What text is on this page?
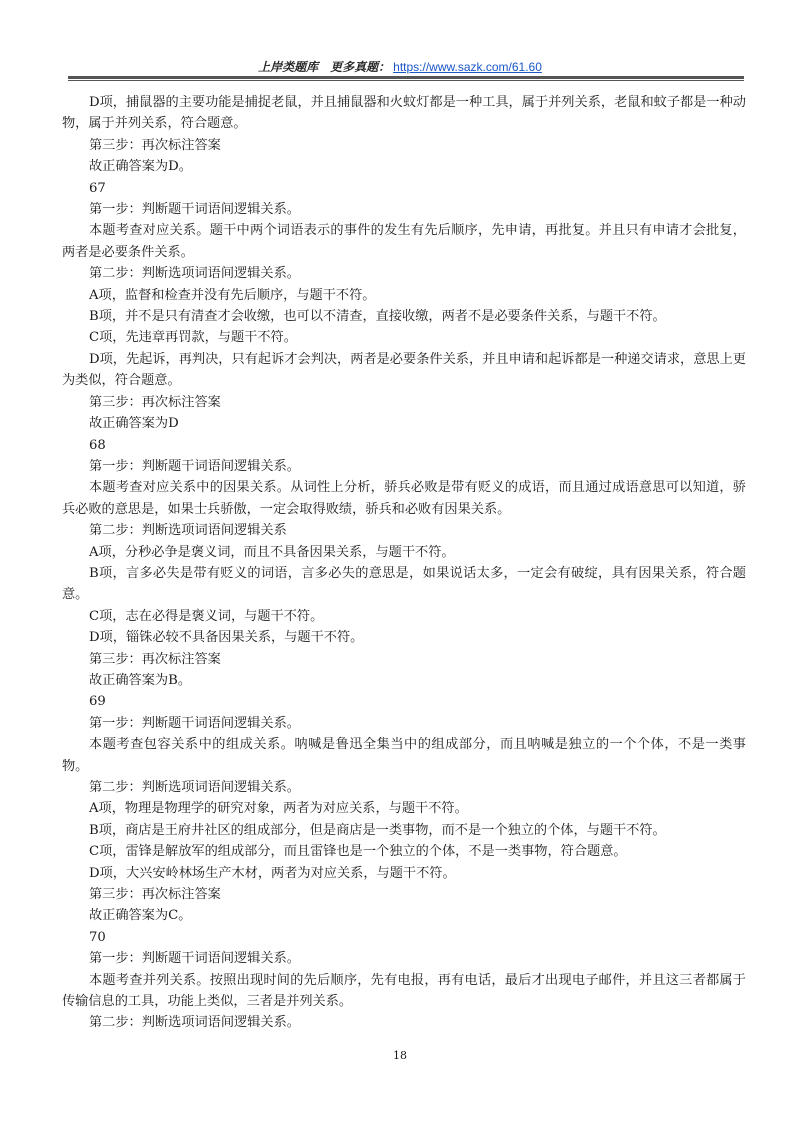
上岸类题库 更多真题： https://www.sazk.com/61.60

D项，捕鼠器的主要功能是捕捉老鼠，并且捕鼠器和火蚊灯都是一种工具，属于并列关系，老鼠和蚊子都是一种动物，属于并列关系，符合题意。

第三步：再次标注答案

故正确答案为D。

67

第一步：判断题干词语间逻辑关系。

本题考查对应关系。题干中两个词语表示的事件的发生有先后顺序，先申请，再批复。并且只有申请才会批复，两者是必要条件关系。

第二步：判断选项词语间逻辑关系。

A项，监督和检查并没有先后顺序，与题干不符。

B项，并不是只有清查才会收缴，也可以不清查，直接收缴，两者不是必要条件关系，与题干不符。

C项，先违章再罚款，与题干不符。

D项，先起诉，再判决，只有起诉才会判决，两者是必要条件关系，并且申请和起诉都是一种递交请求，意思上更为类似，符合题意。

第三步：再次标注答案

故正确答案为D

68

第一步：判断题干词语间逻辑关系。

本题考查对应关系中的因果关系。从词性上分析，骄兵必败是带有贬义的成语，而且通过成语意思可以知道，骄兵必败的意思是，如果士兵骄傲，一定会取得败绩，骄兵和必败有因果关系。

第二步：判断选项词语间逻辑关系

A项，分秒必争是褒义词，而且不具备因果关系，与题干不符。

B项，言多必失是带有贬义的词语，言多必失的意思是，如果说话太多，一定会有破绽，具有因果关系，符合题意。

C项，志在必得是褒义词，与题干不符。

D项，锱铢必较不具备因果关系，与题干不符。

第三步：再次标注答案

故正确答案为B。

69

第一步：判断题干词语间逻辑关系。

本题考查包容关系中的组成关系。呐喊是鲁迅全集当中的组成部分，而且呐喊是独立的一个个体，不是一类事物。

第二步：判断选项词语间逻辑关系。

A项，物理是物理学的研究对象，两者为对应关系，与题干不符。

B项，商店是王府井社区的组成部分，但是商店是一类事物，而不是一个独立的个体，与题干不符。

C项，雷锋是解放军的组成部分，而且雷锋也是一个独立的个体，不是一类事物，符合题意。

D项，大兴安岭林场生产木材，两者为对应关系，与题干不符。

第三步：再次标注答案

故正确答案为C。

70

第一步：判断题干词语间逻辑关系。

本题考查并列关系。按照出现时间的先后顺序，先有电报，再有电话，最后才出现电子邮件，并且这三者都属于传输信息的工具，功能上类似，三者是并列关系。

第二步：判断选项词语间逻辑关系。

18
